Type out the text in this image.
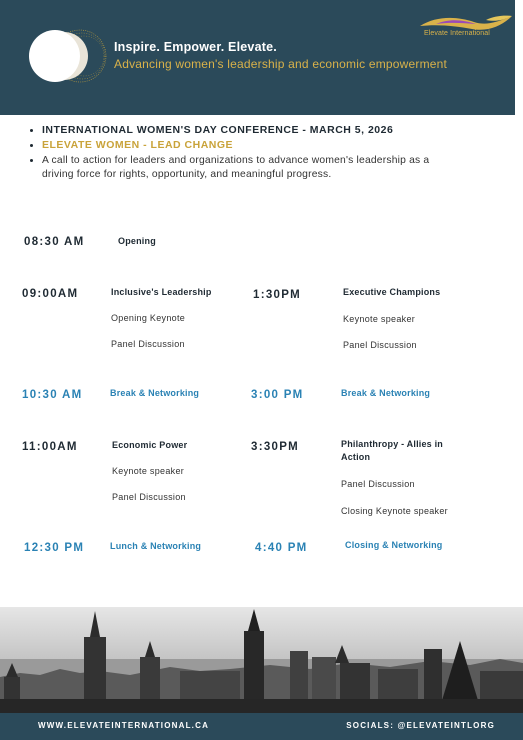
Inspire. Empower. Elevate.
Advancing women's leadership and economic empowerment
Elevate International
INTERNATIONAL WOMEN'S DAY CONFERENCE - MARCH 5, 2026
ELEVATE WOMEN - LEAD CHANGE
A call to action for leaders and organizations to advance women's leadership as a
driving force for rights, opportunity, and meaningful progress.
08:30 AM	Opening
09:00AM	Inclusive's Leadership
Opening Keynote
Panel Discussion
1:30PM	Executive Champions
Keynote speaker
Panel Discussion
10:30 AM	Break & Networking	3:00 PM	Break & Networking
11:00AM	Economic Power
Keynote speaker
Panel Discussion
3:30PM	Philanthropy - Allies in
Action
Panel Discussion
Closing Keynote speaker
12:30 PM	Lunch & Networking	4:40 PM	Closing & Networking
WWW.ELEVATEINTERNATIONAL.CA	SOCIALS: @ELEVATEINTLORG
